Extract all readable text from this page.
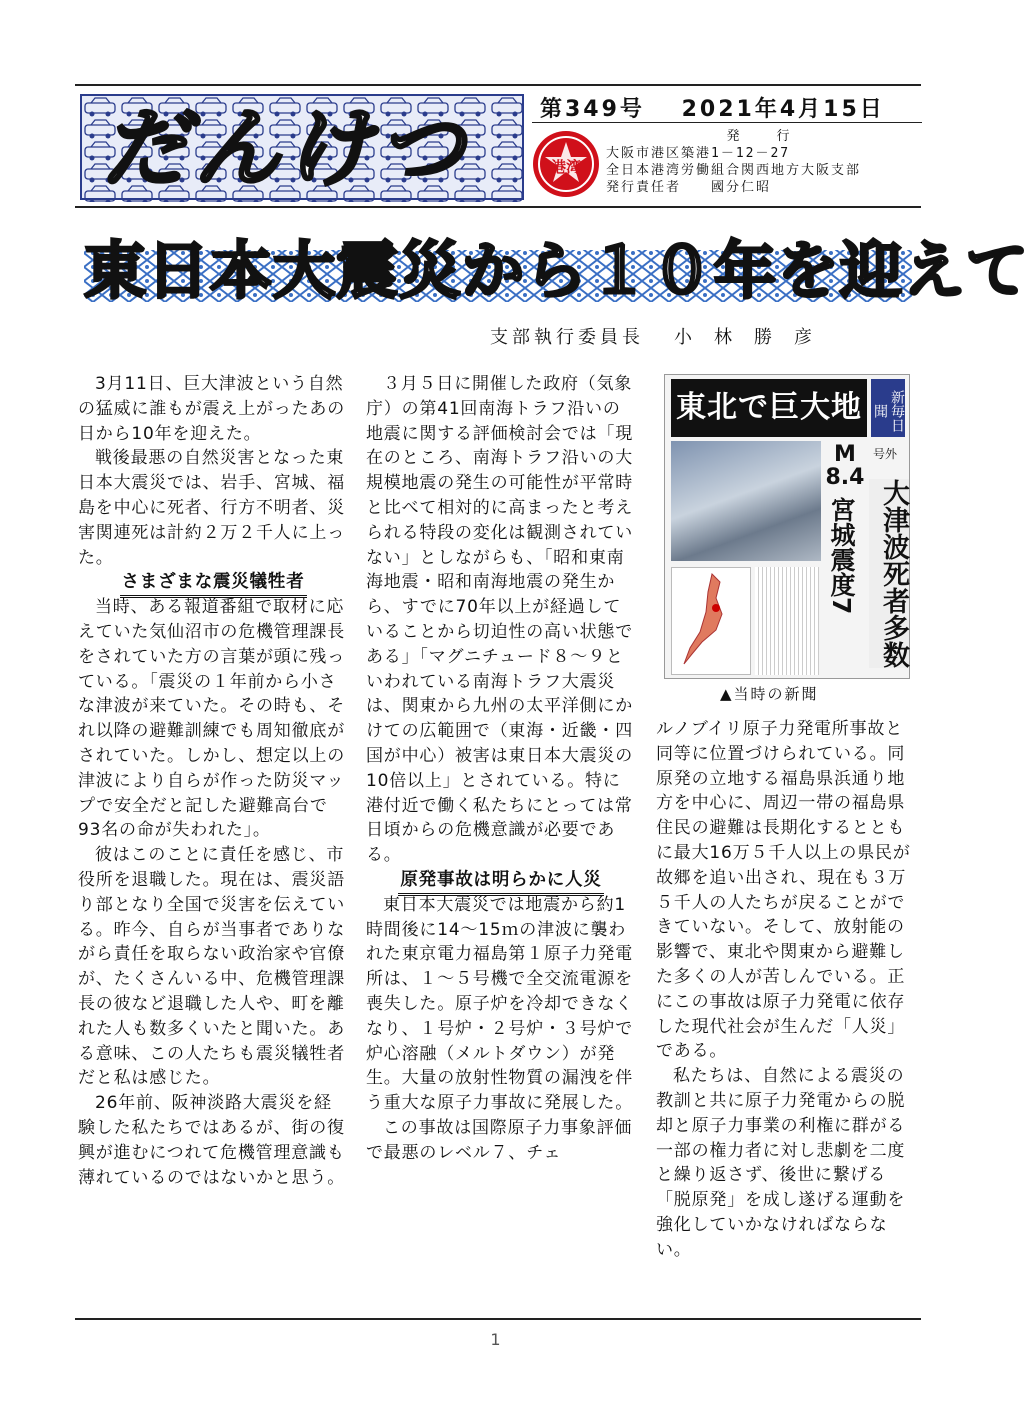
だんけつ	第349号 2021年4月15日
港湾
発　行
大阪市港区築港1－12－27
全日本港湾労働組合関西地方大阪支部
発行責任者　　國分仁昭
東日本大震災から１０年を迎えて
支部執行委員長 小林勝彦

3月11日、巨大津波という自然の猛威に誰もが震え上がったあの日から10年を迎えた。

戦後最悪の自然災害となった東日本大震災では、岩手、宮城、福島を中心に死者、行方不明者、災害関連死は計約２万２千人に上った。

さまざまな震災犠牲者

当時、ある報道番組で取材に応えていた気仙沼市の危機管理課長をされていた方の言葉が頭に残っている。「震災の１年前から小さな津波が来ていた。その時も、それ以降の避難訓練でも周知徹底がされていた。しかし、想定以上の津波により自らが作った防災マップで安全だと記した避難高台で93名の命が失われた」。

彼はこのことに責任を感じ、市役所を退職した。現在は、震災語り部となり全国で災害を伝えている。昨今、自らが当事者でありながら責任を取らない政治家や官僚が、たくさんいる中、危機管理課長の彼など退職した人や、町を離れた人も数多くいたと聞いた。ある意味、この人たちも震災犠牲者だと私は感じた。

26年前、阪神淡路大震災を経験した私たちではあるが、街の復興が進むにつれて危機管理意識も薄れているのではないかと思う。

３月５日に開催した政府（気象庁）の第41回南海トラフ沿いの地震に関する評価検討会では「現在のところ、南海トラフ沿いの大規模地震の発生の可能性が平常時と比べて相対的に高まったと考えられる特段の変化は観測されていない」としながらも、「昭和東南海地震・昭和南海地震の発生から、すでに70年以上が経過していることから切迫性の高い状態である」「マグニチュード８～９といわれている南海トラフ大震災は、関東から九州の太平洋側にかけての広範囲で（東海・近畿・四国が中心）被害は東日本大震災の10倍以上」とされている。特に港付近で働く私たちにとっては常日頃からの危機意識が必要である。

原発事故は明らかに人災

東日本大震災では地震から約1時間後に14～15ｍの津波に襲われた東京電力福島第１原子力発電所は、１～５号機で全交流電源を喪失した。原子炉を冷却できなくなり、１号炉・２号炉・３号炉で炉心溶融（メルトダウン）が発生。大量の放射性物質の漏洩を伴う重大な原子力事故に発展した。

この事故は国際原子力事象評価で最悪のレベル７、チェ

東北で巨大地	新毎日聞
M8.4
宮城震度7
号外
大津波死者多数
▲当時の新聞

ルノブイリ原子力発電所事故と同等に位置づけられている。同原発の立地する福島県浜通り地方を中心に、周辺一帯の福島県住民の避難は長期化するとともに最大16万５千人以上の県民が故郷を追い出され、現在も３万５千人の人たちが戻ることができていない。そして、放射能の影響で、東北や関東から避難した多くの人が苦しんでいる。正にこの事故は原子力発電に依存した現代社会が生んだ「人災」である。

私たちは、自然による震災の教訓と共に原子力発電からの脱却と原子力事業の利権に群がる一部の権力者に対し悲劇を二度と繰り返さず、後世に繋げる「脱原発」を成し遂げる運動を強化していかなければならない。

1
